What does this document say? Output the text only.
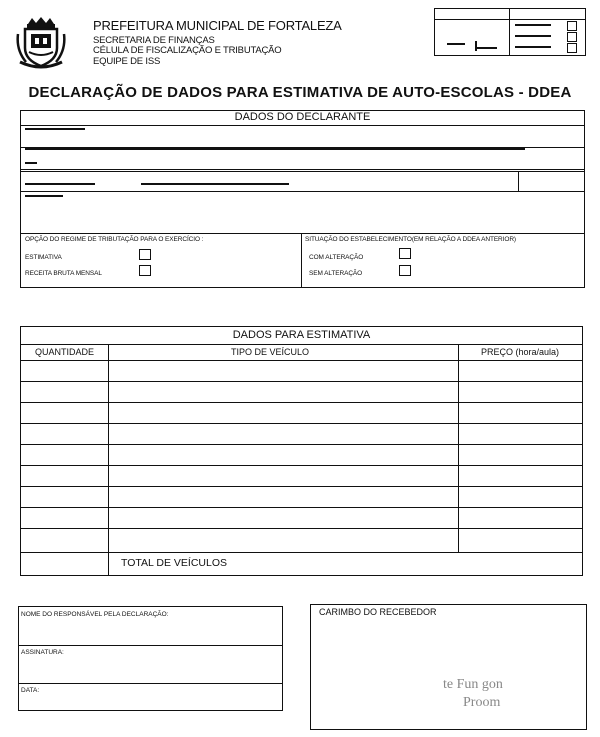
PREFEITURA MUNICIPAL DE FORTALEZA
SECRETARIA DE FINANÇAS
CÉLULA DE FISCALIZAÇÃO E TRIBUTAÇÃO
EQUIPE DE ISS
DECLARAÇÃO DE DADOS PARA ESTIMATIVA DE AUTO-ESCOLAS - DDEA
DADOS DO DECLARANTE
OPÇÃO DO REGIME DE TRIBUTAÇÃO PARA O EXERCÍCIO :
ESTIMATIVA
RECEITA BRUTA MENSAL
SITUAÇÃO DO ESTABELECIMENTO(EM RELAÇÃO A DDEA ANTERIOR)
COM ALTERAÇÃO
SEM ALTERAÇÃO
DADOS PARA ESTIMATIVA
QUANTIDADE	TIPO DE VEÍCULO	PREÇO (hora/aula)
TOTAL DE VEÍCULOS
NOME DO RESPONSÁVEL PELA DECLARAÇÃO:
ASSINATURA:
DATA:
CARIMBO DO RECEBEDOR
te Fun gon
Proom
